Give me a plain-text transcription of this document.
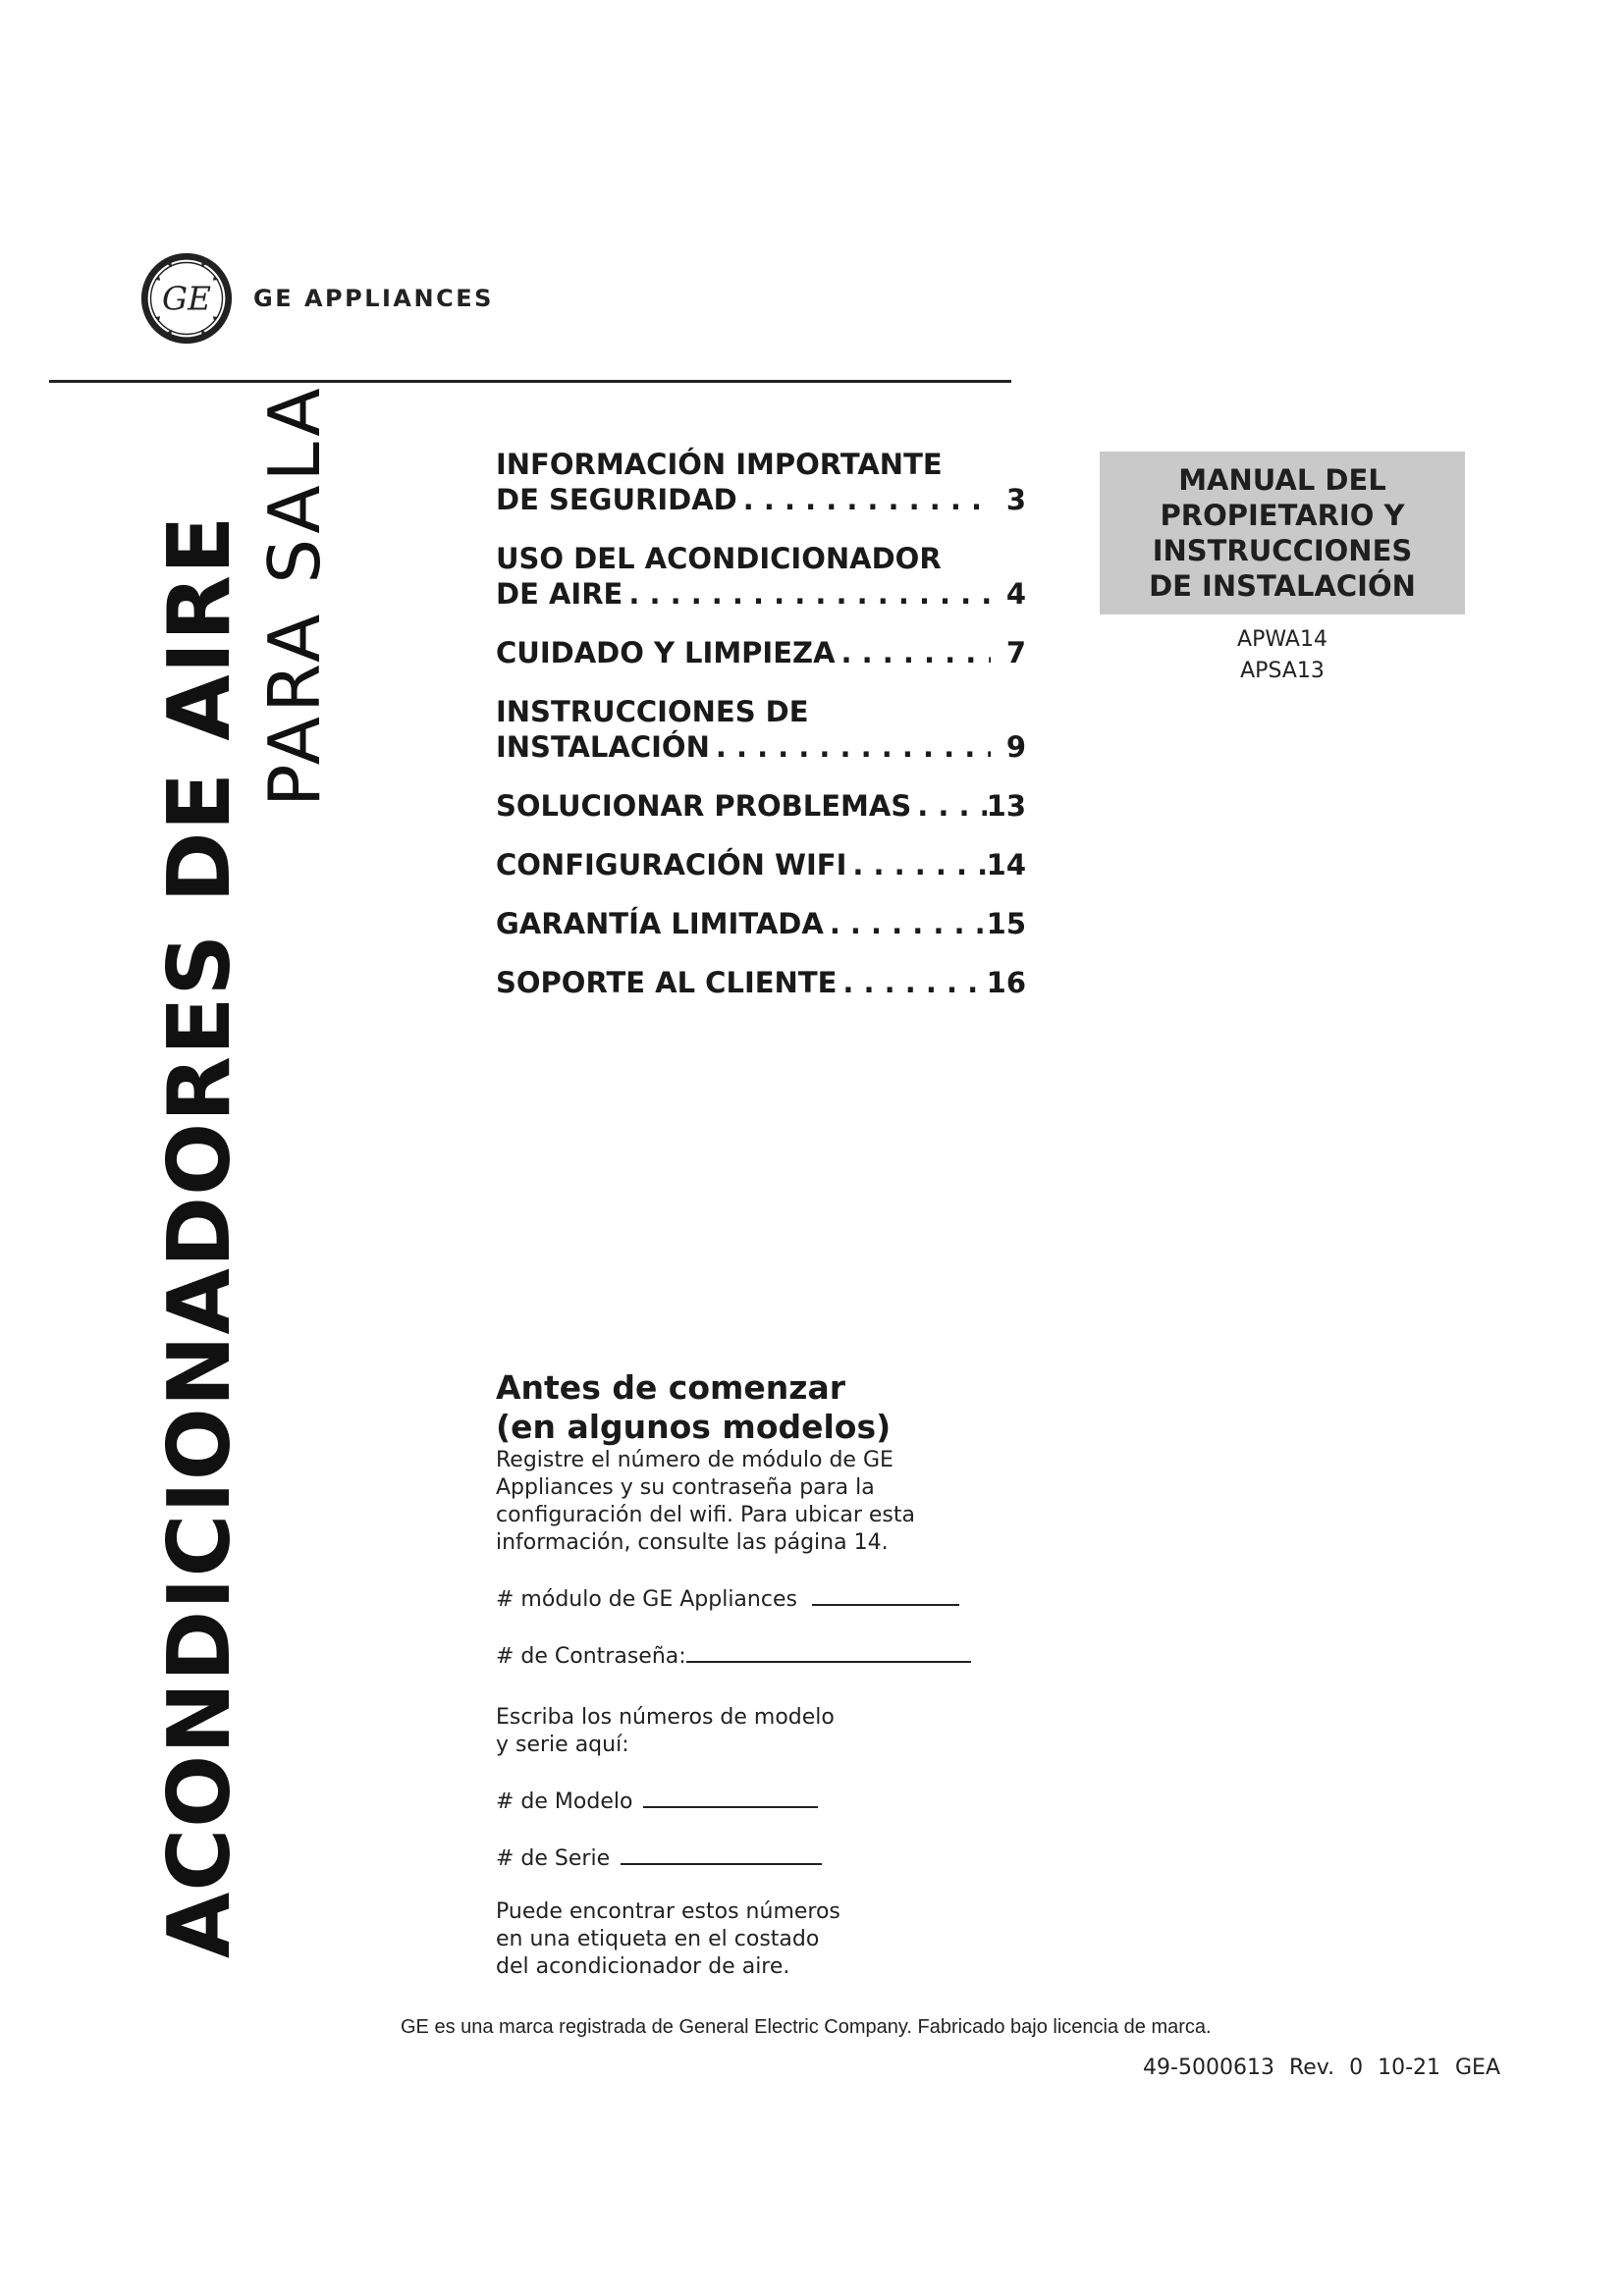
GE GE APPLIANCES
ACONDICIONADORES DE AIRE PARA SALA	INFORMACIÓN IMPORTANTE
DE SEGURIDAD . . .	3
USO DEL ACONDICIONADOR
DE AIRE . . .	4
CUIDADO Y LIMPIEZA . . .	7
INSTRUCCIONES DE
INSTALACIÓN . . .	9
SOLUCIONAR PROBLEMAS . . .	13
CONFIGURACIÓN WIFI . . .	14
GARANTÍA LIMITADA . . .	15
SOPORTE AL CLIENTE . . .	16
MANUAL DEL
PROPIETARIO Y
INSTRUCCIONES
DE INSTALACIÓN
APWA14
APSA13
Antes de comenzar
(en algunos modelos)
Registre el número de módulo de GE
Appliances y su contraseña para la
configuración del wifi. Para ubicar esta
información, consulte las página 14.
# módulo de GE Appliances
# de Contraseña:
Escriba los números de modelo
y serie aquí:
# de Modelo
# de Serie
Puede encontrar estos números
en una etiqueta en el costado
del acondicionador de aire.
GE es una marca registrada de General Electric Company. Fabricado bajo licencia de marca.
49-5000613 Rev. 0 10-21 GEA
